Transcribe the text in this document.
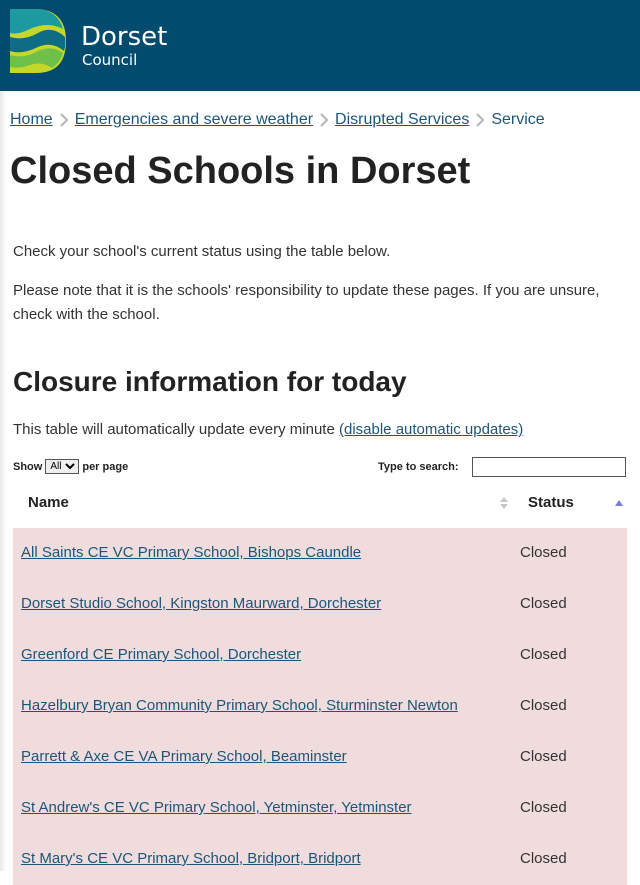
Dorset
Council
Home Emergencies and severe weather Disrupted Services Service
Closed Schools in Dorset

Check your school's current status using the table below.

Please note that it is the schools' responsibility to update these pages. If you are unsure, check with the school.

Closure information for today
This table will automatically update every minute (disable automatic updates)
Show
All	per page	Type to search:
Name	Status
All Saints CE VC Primary School, Bishops Caundle	Closed
Dorset Studio School, Kingston Maurward, Dorchester	Closed
Greenford CE Primary School, Dorchester	Closed
Hazelbury Bryan Community Primary School, Sturminster Newton	Closed
Parrett & Axe CE VA Primary School, Beaminster	Closed
St Andrew's CE VC Primary School, Yetminster, Yetminster	Closed
St Mary's CE VC Primary School, Bridport, Bridport	Closed
